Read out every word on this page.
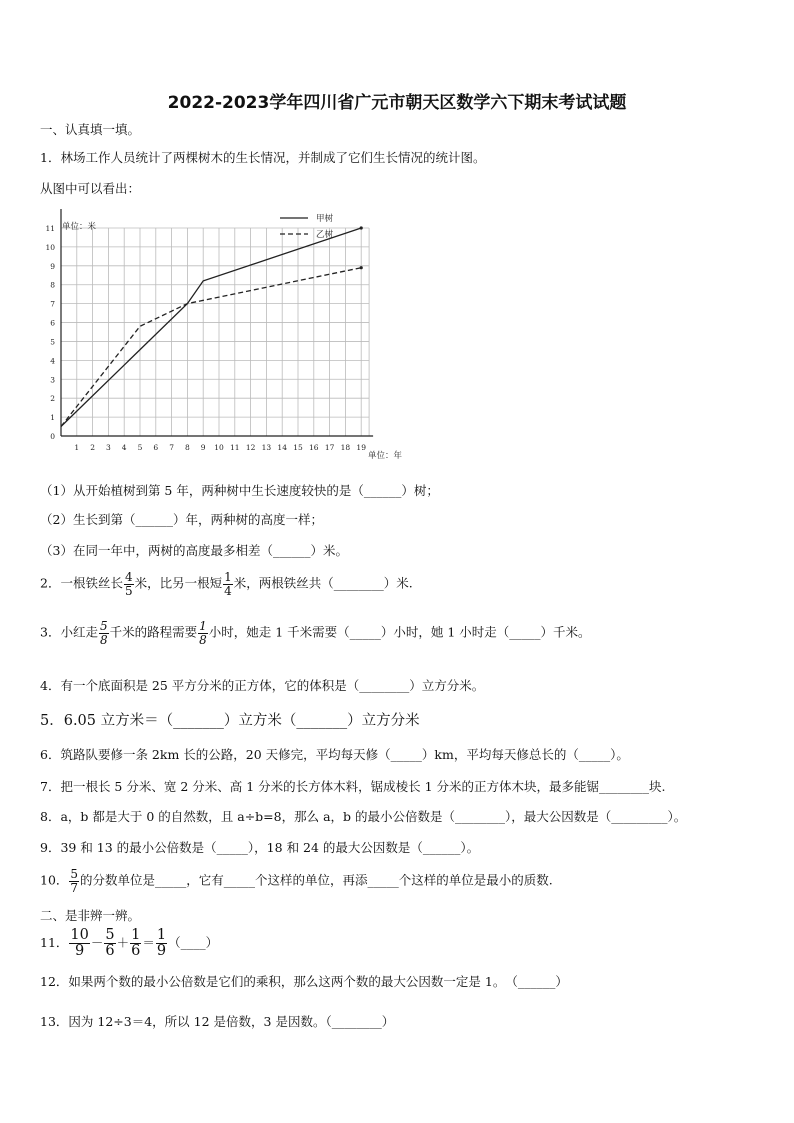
2022-2023学年四川省广元市朝天区数学六下期末考试试题
一、认真填一填。
1．林场工作人员统计了两棵树木的生长情况，并制成了它们生长情况的统计图。
从图中可以看出：
0
1
2
3
4
5
6
7
8
9
10
11
1 2 3 4 5 6 7 8 9 10 11 12 13 14 15 16 17 18 19
甲树
乙树
单位：米
单位：年
（1）从开始植树到第 5 年，两种树中生长速度较快的是（______）树；
（2）生长到第（______）年，两种树的高度一样；
（3）在同一年中，两树的高度最多相差（______）米。
2．一根铁丝长 $\frac{4}{5}$ 米，比另一根短 $\frac{1}{4}$ 米，两根铁丝共（________）米.
3．小红走 $\frac{5}{8}$ 千米的路程需要 $\frac{1}{8}$ 小时，她走 1 千米需要（_____）小时，她 1 小时走（_____）千米。
4．有一个底面积是 25 平方分米的正方体，它的体积是（________）立方分米。
5．6.05 立方米＝（_______）立方米（_______）立方分米
6．筑路队要修一条 2km 长的公路，20 天修完，平均每天修（_____）km，平均每天修总长的（_____）。
7．把一根长 5 分米、宽 2 分米、高 1 分米的长方体木料，锯成棱长 1 分米的正方体木块，最多能锯________块.
8．a，b 都是大于 0 的自然数，且 a÷b=8，那么 a，b 的最小公倍数是（________），最大公因数是（_________）。
9．39 和 13 的最小公倍数是（_____），18 和 24 的最大公因数是（______）。
10． $\frac{5}{7}$ 的分数单位是_____，它有_____个这样的单位，再添_____个这样的单位是最小的质数.
二、是非辨一辨。
11． $\frac{10}{9} - \frac{5}{6} + \frac{1}{6} = \frac{1}{9}$ （____）
12．如果两个数的最小公倍数是它们的乘积，那么这两个数的最大公因数一定是 1。　（______）
13．因为 12÷3＝4，所以 12 是倍数，3 是因数。（________）
